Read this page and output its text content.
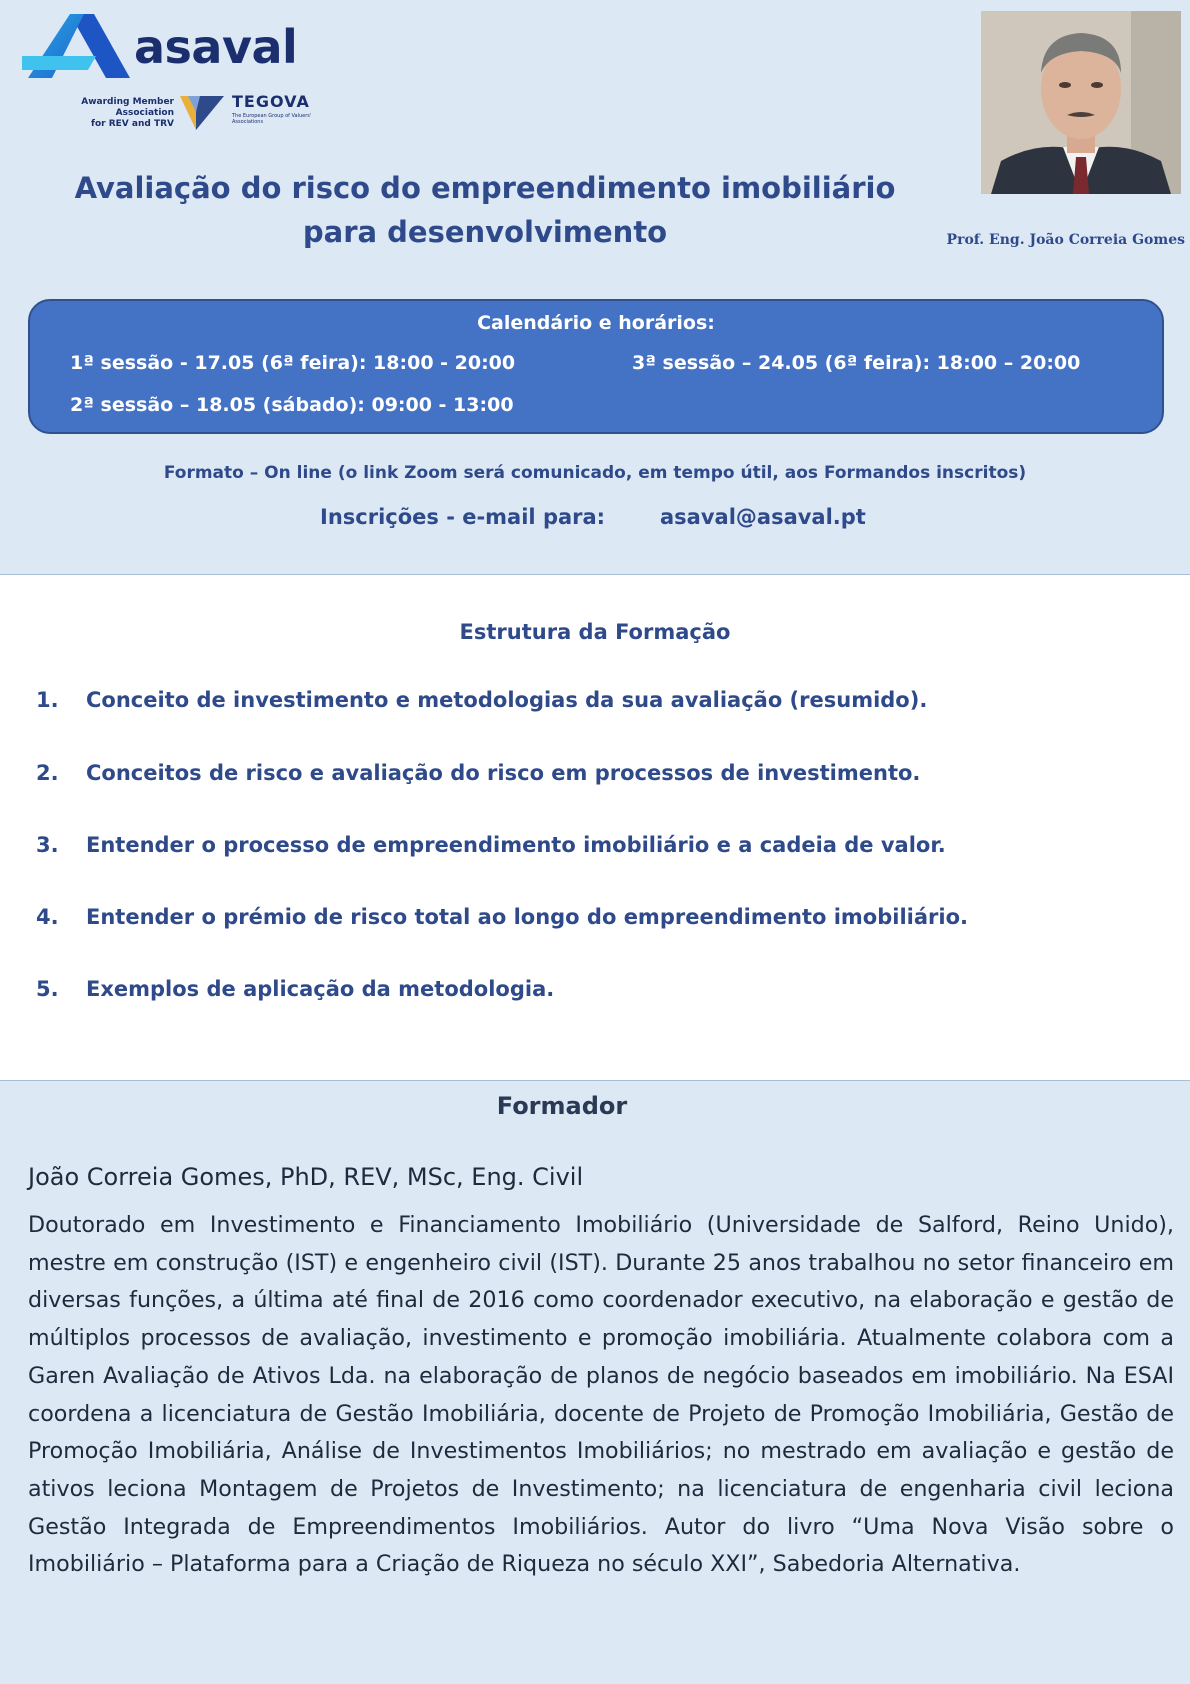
asaval
Awarding Member Association
for REV and TRV
TEGOVA
The European Group of Valuers' Associations
Prof. Eng. João Correia Gomes
Avaliação do risco do empreendimento imobiliário
para desenvolvimento
Calendário e horários:
1ª sessão - 17.05 (6ª feira): 18:00 - 20:00
2ª sessão – 18.05 (sábado): 09:00 - 13:00
3ª sessão – 24.05 (6ª feira): 18:00 – 20:00
Formato – On line (o link Zoom será comunicado, em tempo útil, aos Formandos inscritos)
Inscrições - e-mail para:	asaval@asaval.pt
Estrutura da Formação
1. Conceito de investimento e metodologias da sua avaliação (resumido).
2. Conceitos de risco e avaliação do risco em processos de investimento.
3. Entender o processo de empreendimento imobiliário e a cadeia de valor.
4. Entender o prémio de risco total ao longo do empreendimento imobiliário.
5. Exemplos de aplicação da metodologia.
Formador
João Correia Gomes, PhD, REV, MSc, Eng. Civil

Doutorado em Investimento e Financiamento Imobiliário (Universidade de Salford, Reino Unido), mestre em construção (IST) e engenheiro civil (IST). Durante 25 anos trabalhou no setor financeiro em diversas funções, a última até final de 2016 como coordenador executivo, na elaboração e gestão de múltiplos processos de avaliação, investimento e promoção imobiliária. Atualmente colabora com a Garen Avaliação de Ativos Lda. na elaboração de planos de negócio baseados em imobiliário. Na ESAI coordena a licenciatura de Gestão Imobiliária, docente de Projeto de Promoção Imobiliária, Gestão de Promoção Imobiliária, Análise de Investimentos Imobiliários; no mestrado em avaliação e gestão de ativos leciona Montagem de Projetos de Investimento; na licenciatura de engenharia civil leciona Gestão Integrada de Empreendimentos Imobiliários. Autor do livro “Uma Nova Visão sobre o Imobiliário – Plataforma para a Criação de Riqueza no século XXI”, Sabedoria Alternativa.
